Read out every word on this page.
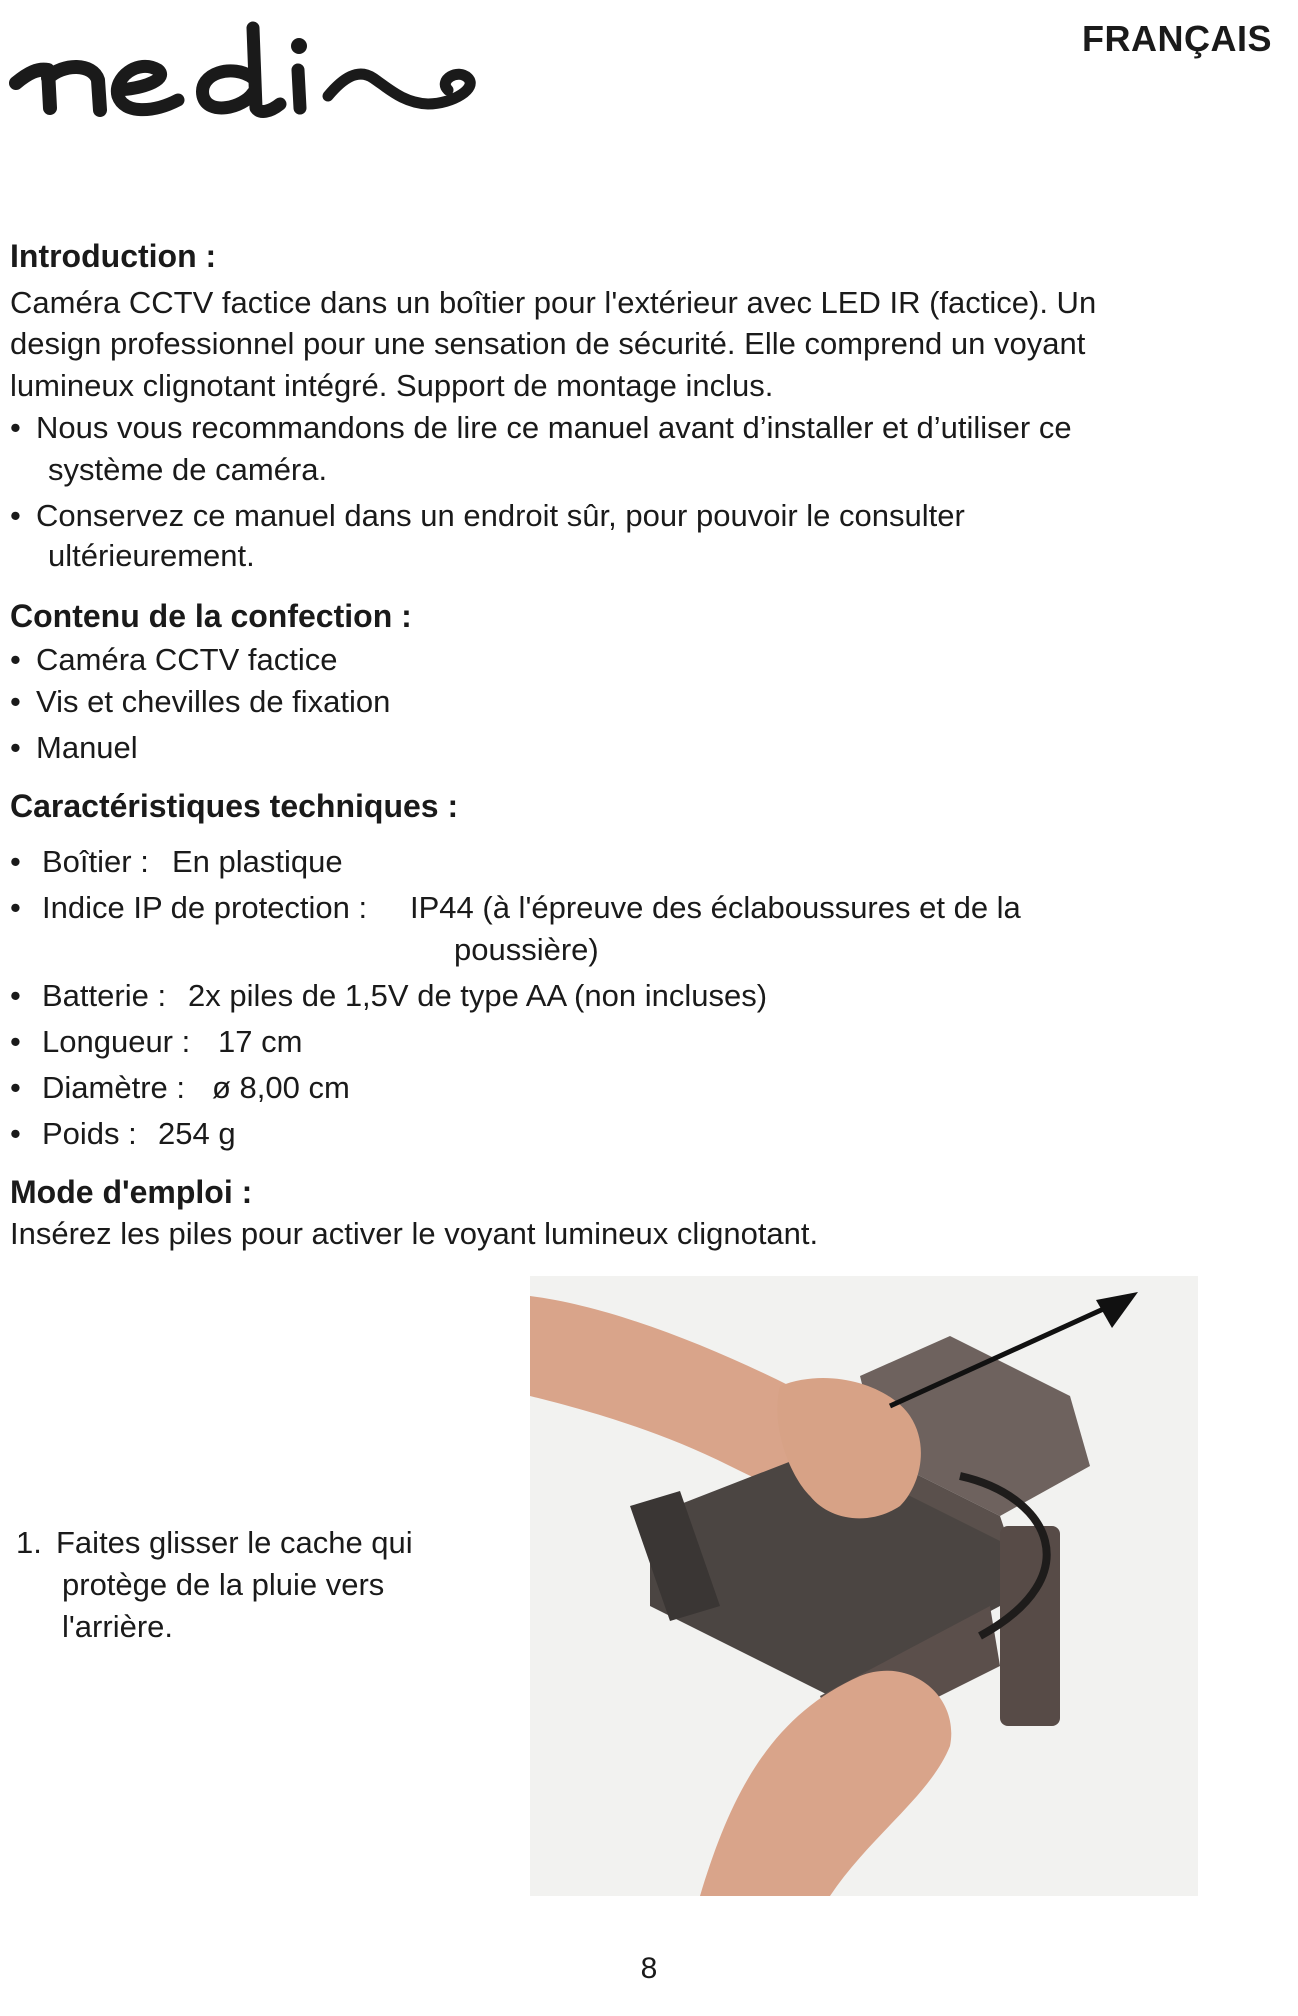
FRANÇAIS
Introduction :
Caméra CCTV factice dans un boîtier pour l'extérieur avec LED IR (factice). Un
design professionnel pour une sensation de sécurité. Elle comprend un voyant
lumineux clignotant intégré. Support de montage inclus.
• Nous vous recommandons de lire ce manuel avant d’installer et d’utiliser ce
système de caméra.
• Conservez ce manuel dans un endroit sûr, pour pouvoir le consulter
ultérieurement.
Contenu de la confection :
• Caméra CCTV factice
• Vis et chevilles de fixation
• Manuel
Caractéristiques techniques :
• Boîtier : En plastique
• Indice IP de protection : IP44 (à l'épreuve des éclaboussures et de la
poussière)
• Batterie : 2x piles de 1,5V de type AA (non incluses)
• Longueur : 17 cm
• Diamètre : ø 8,00 cm
• Poids : 254 g
Mode d'emploi :
Insérez les piles pour activer le voyant lumineux clignotant.
1. Faites glisser le cache qui
protège de la pluie vers
l'arrière.
8
